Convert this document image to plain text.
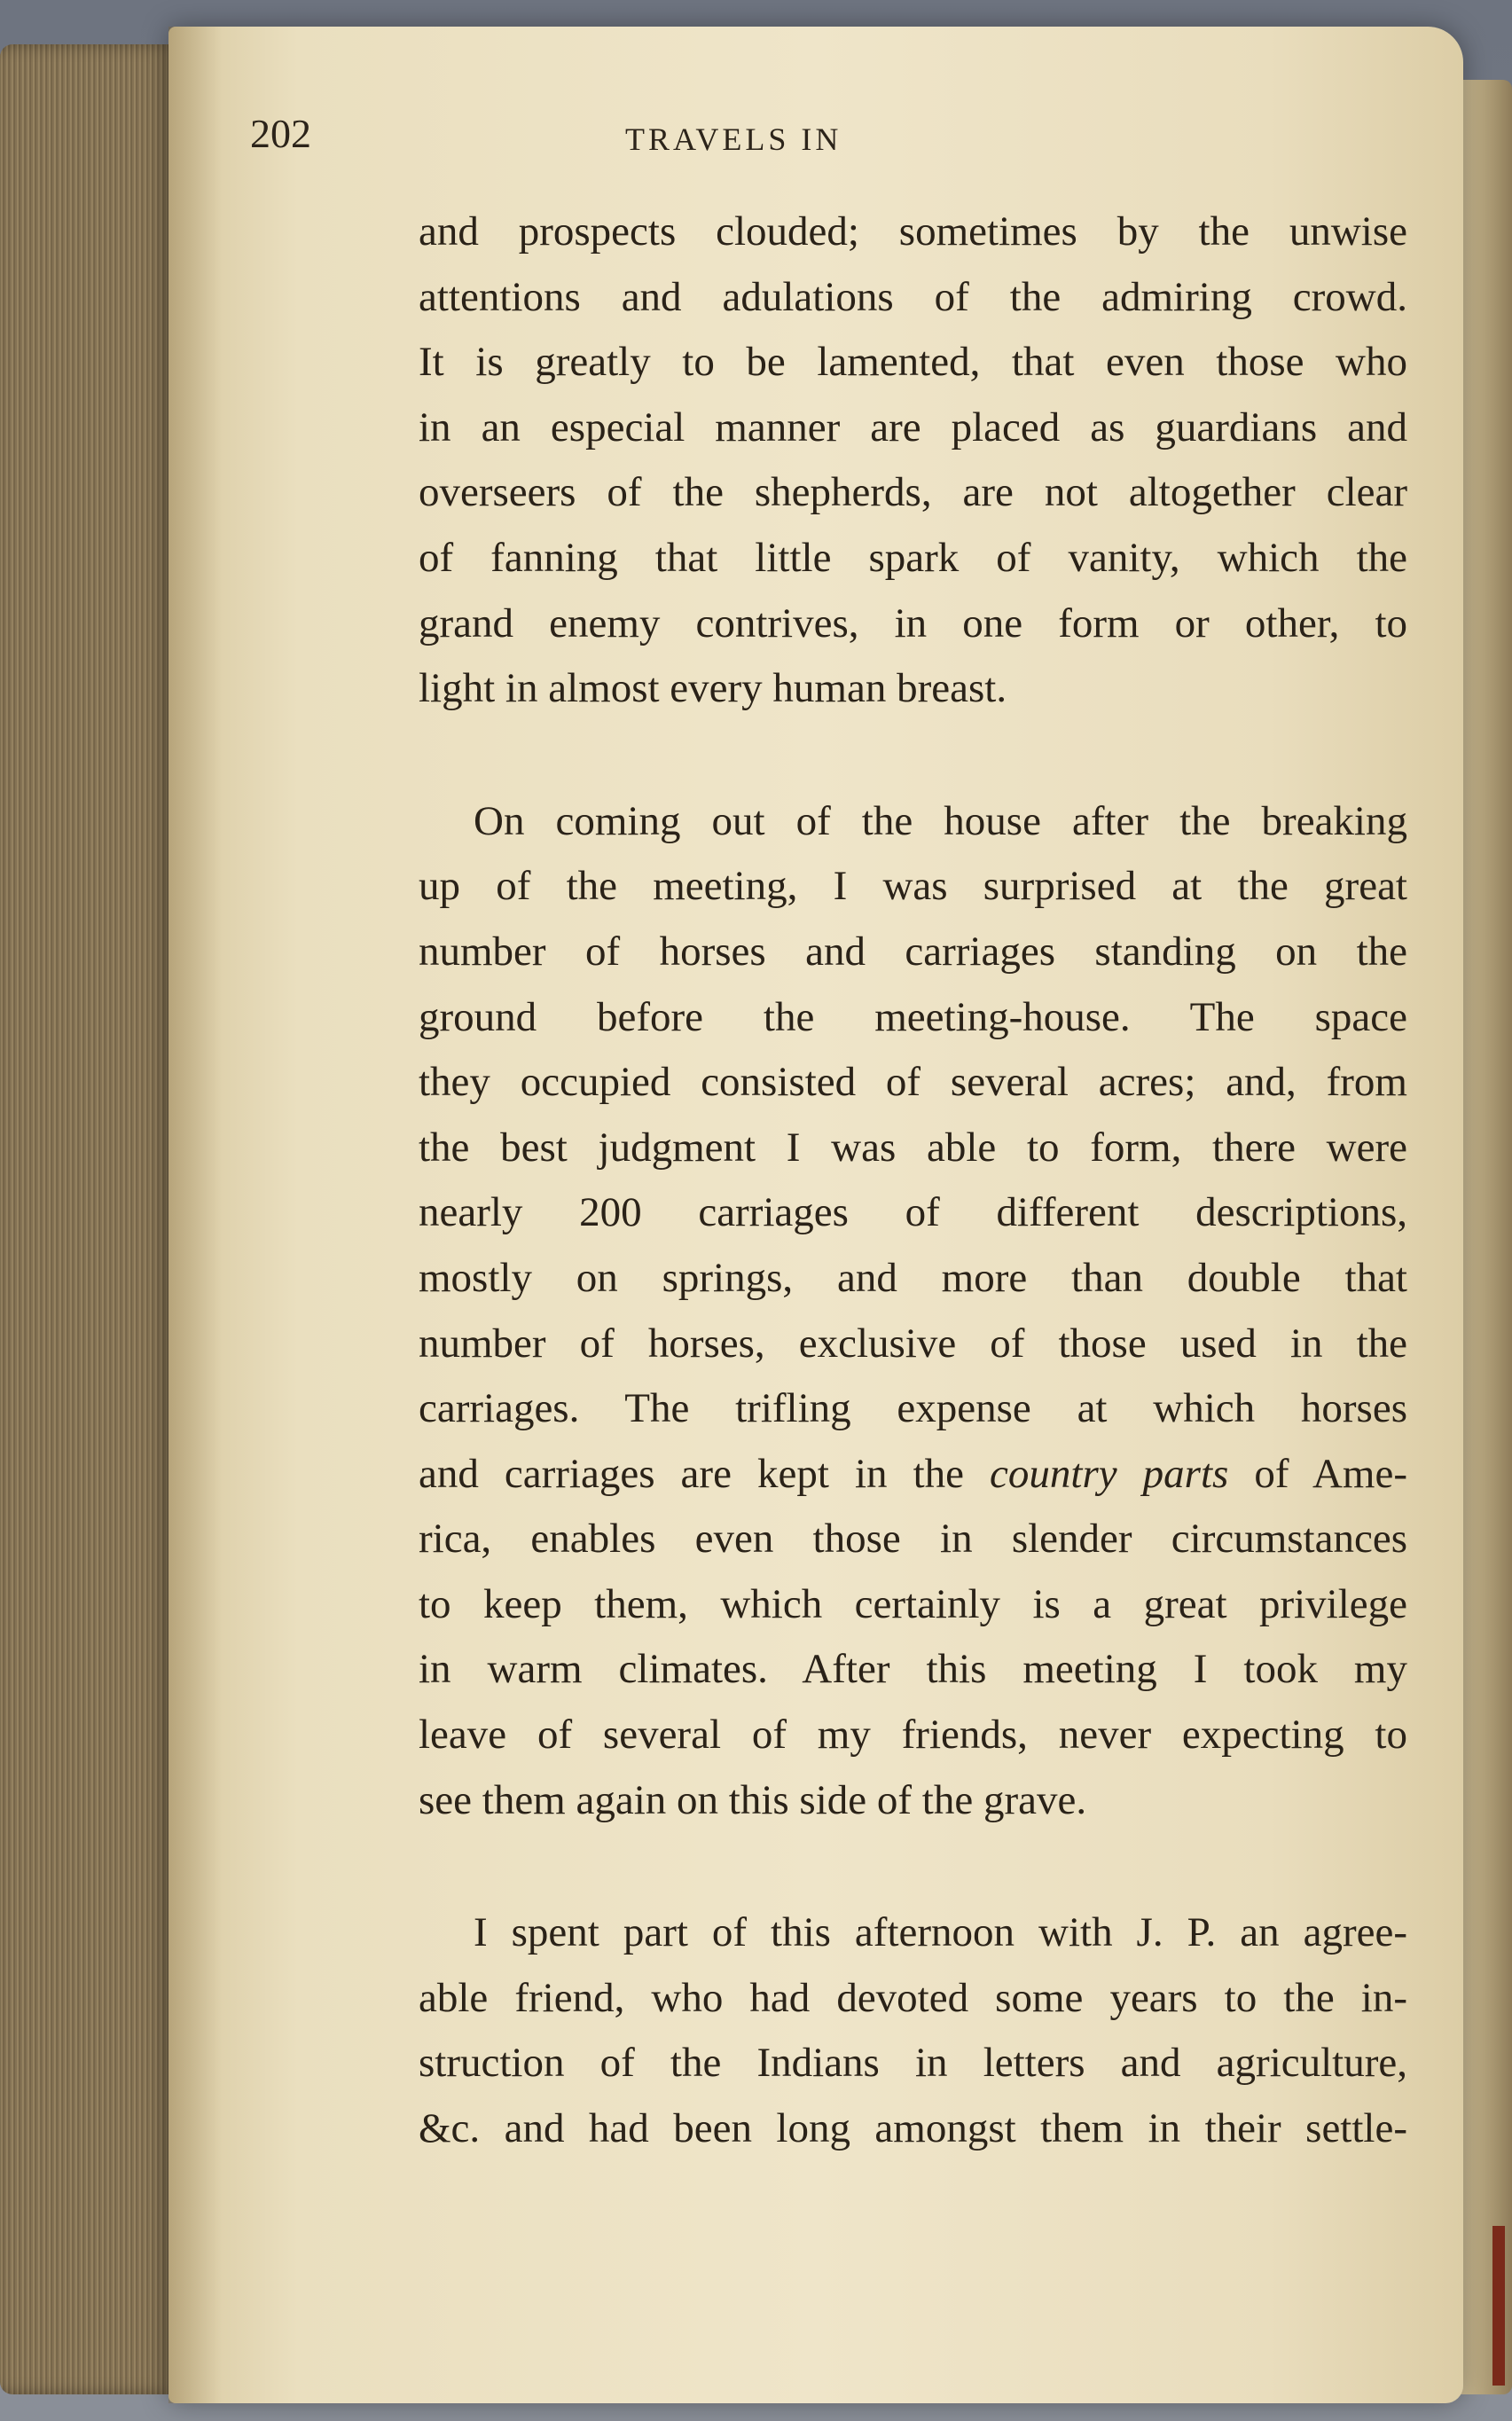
202	TRAVELS IN

and prospects clouded; sometimes by the unwise
attentions and adulations of the admiring crowd.
It is greatly to be lamented, that even those who
in an especial manner are placed as guardians and
overseers of the shepherds, are not altogether clear
of fanning that little spark of vanity, which the
grand enemy contrives, in one form or other, to
light in almost every human breast.

On coming out of the house after the breaking
up of the meeting, I was surprised at the great
number of horses and carriages standing on the
ground before the meeting-house. The space
they occupied consisted of several acres; and, from
the best judgment I was able to form, there were
nearly 200 carriages of different descriptions,
mostly on springs, and more than double that
number of horses, exclusive of those used in the
carriages. The trifling expense at which horses
and carriages are kept in the country parts of Ame-
rica, enables even those in slender circumstances
to keep them, which certainly is a great privilege
in warm climates. After this meeting I took my
leave of several of my friends, never expecting to
see them again on this side of the grave.

I spent part of this afternoon with J. P. an agree-
able friend, who had devoted some years to the in-
struction of the Indians in letters and agriculture,
&c. and had been long amongst them in their settle-
